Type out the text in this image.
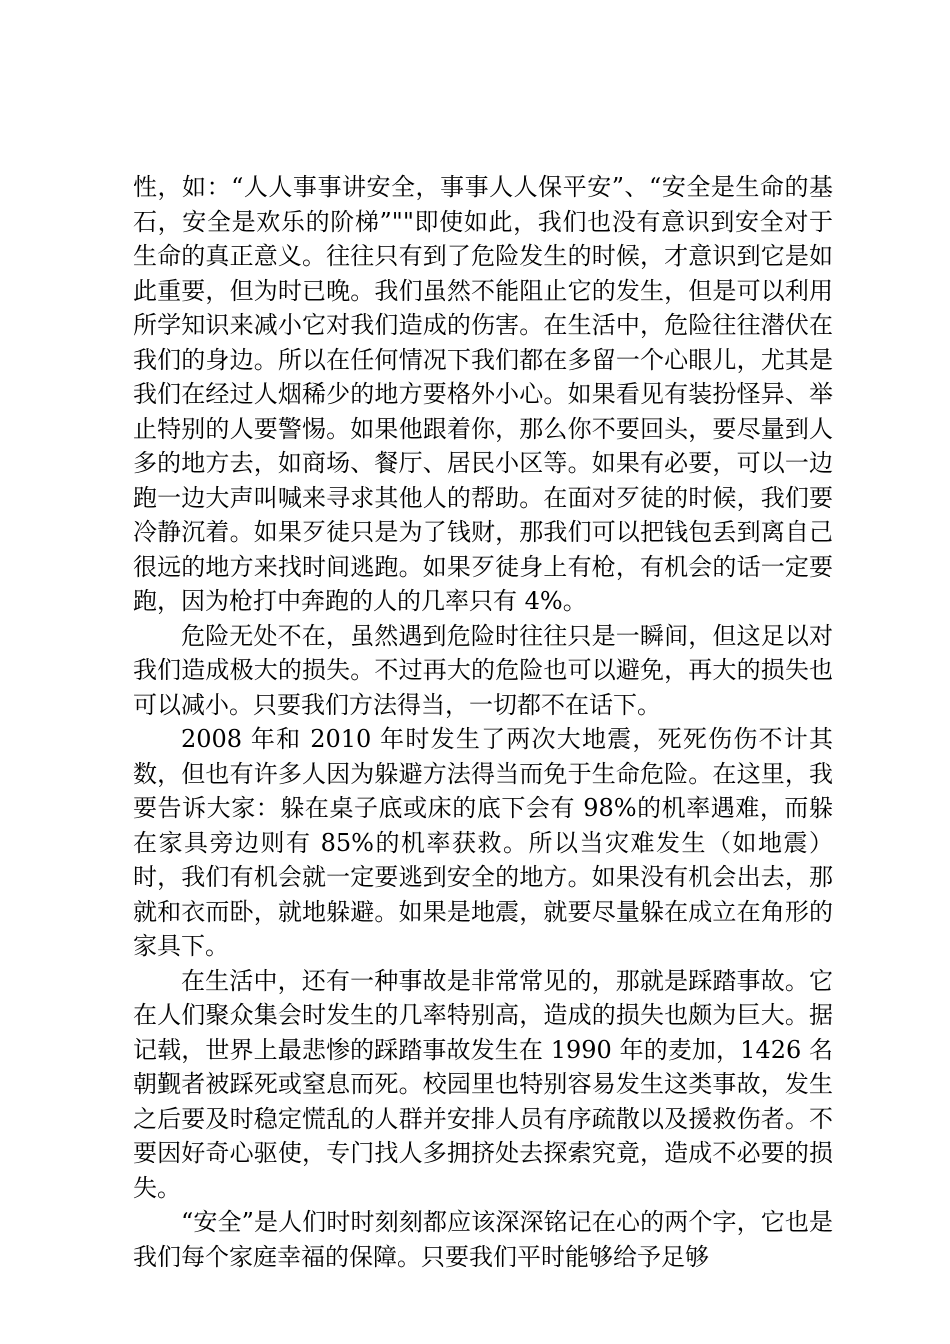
性，如：“人人事事讲安全，事事人人保平安”、“安全是生命的基石，安全是欢乐的阶梯”""即使如此，我们也没有意识到安全对于生命的真正意义。往往只有到了危险发生的时候，才意识到它是如此重要，但为时已晚。我们虽然不能阻止它的发生，但是可以利用所学知识来减小它对我们造成的伤害。在生活中，危险往往潜伏在我们的身边。所以在任何情况下我们都在多留一个心眼儿，尤其是我们在经过人烟稀少的地方要格外小心。如果看见有装扮怪异、举止特别的人要警惕。如果他跟着你，那么你不要回头，要尽量到人多的地方去，如商场、餐厅、居民小区等。如果有必要，可以一边跑一边大声叫喊来寻求其他人的帮助。在面对歹徒的时候，我们要冷静沉着。如果歹徒只是为了钱财，那我们可以把钱包丢到离自己很远的地方来找时间逃跑。如果歹徒身上有枪，有机会的话一定要跑，因为枪打中奔跑的人的几率只有 4%。

危险无处不在，虽然遇到危险时往往只是一瞬间，但这足以对我们造成极大的损失。不过再大的危险也可以避免，再大的损失也可以减小。只要我们方法得当，一切都不在话下。

2008 年和 2010 年时发生了两次大地震，死死伤伤不计其数，但也有许多人因为躲避方法得当而免于生命危险。在这里，我要告诉大家：躲在桌子底或床的底下会有 98%的机率遇难，而躲在家具旁边则有 85%的机率获救。所以当灾难发生（如地震）时，我们有机会就一定要逃到安全的地方。如果没有机会出去，那就和衣而卧，就地躲避。如果是地震，就要尽量躲在成立在角形的家具下。

在生活中，还有一种事故是非常常见的，那就是踩踏事故。它在人们聚众集会时发生的几率特别高，造成的损失也颇为巨大。据记载，世界上最悲惨的踩踏事故发生在 1990 年的麦加，1426 名朝觐者被踩死或窒息而死。校园里也特别容易发生这类事故，发生之后要及时稳定慌乱的人群并安排人员有序疏散以及援救伤者。不要因好奇心驱使，专门找人多拥挤处去探索究竟，造成不必要的损失。

“安全”是人们时时刻刻都应该深深铭记在心的两个字，它也是我们每个家庭幸福的保障。只要我们平时能够给予足够
